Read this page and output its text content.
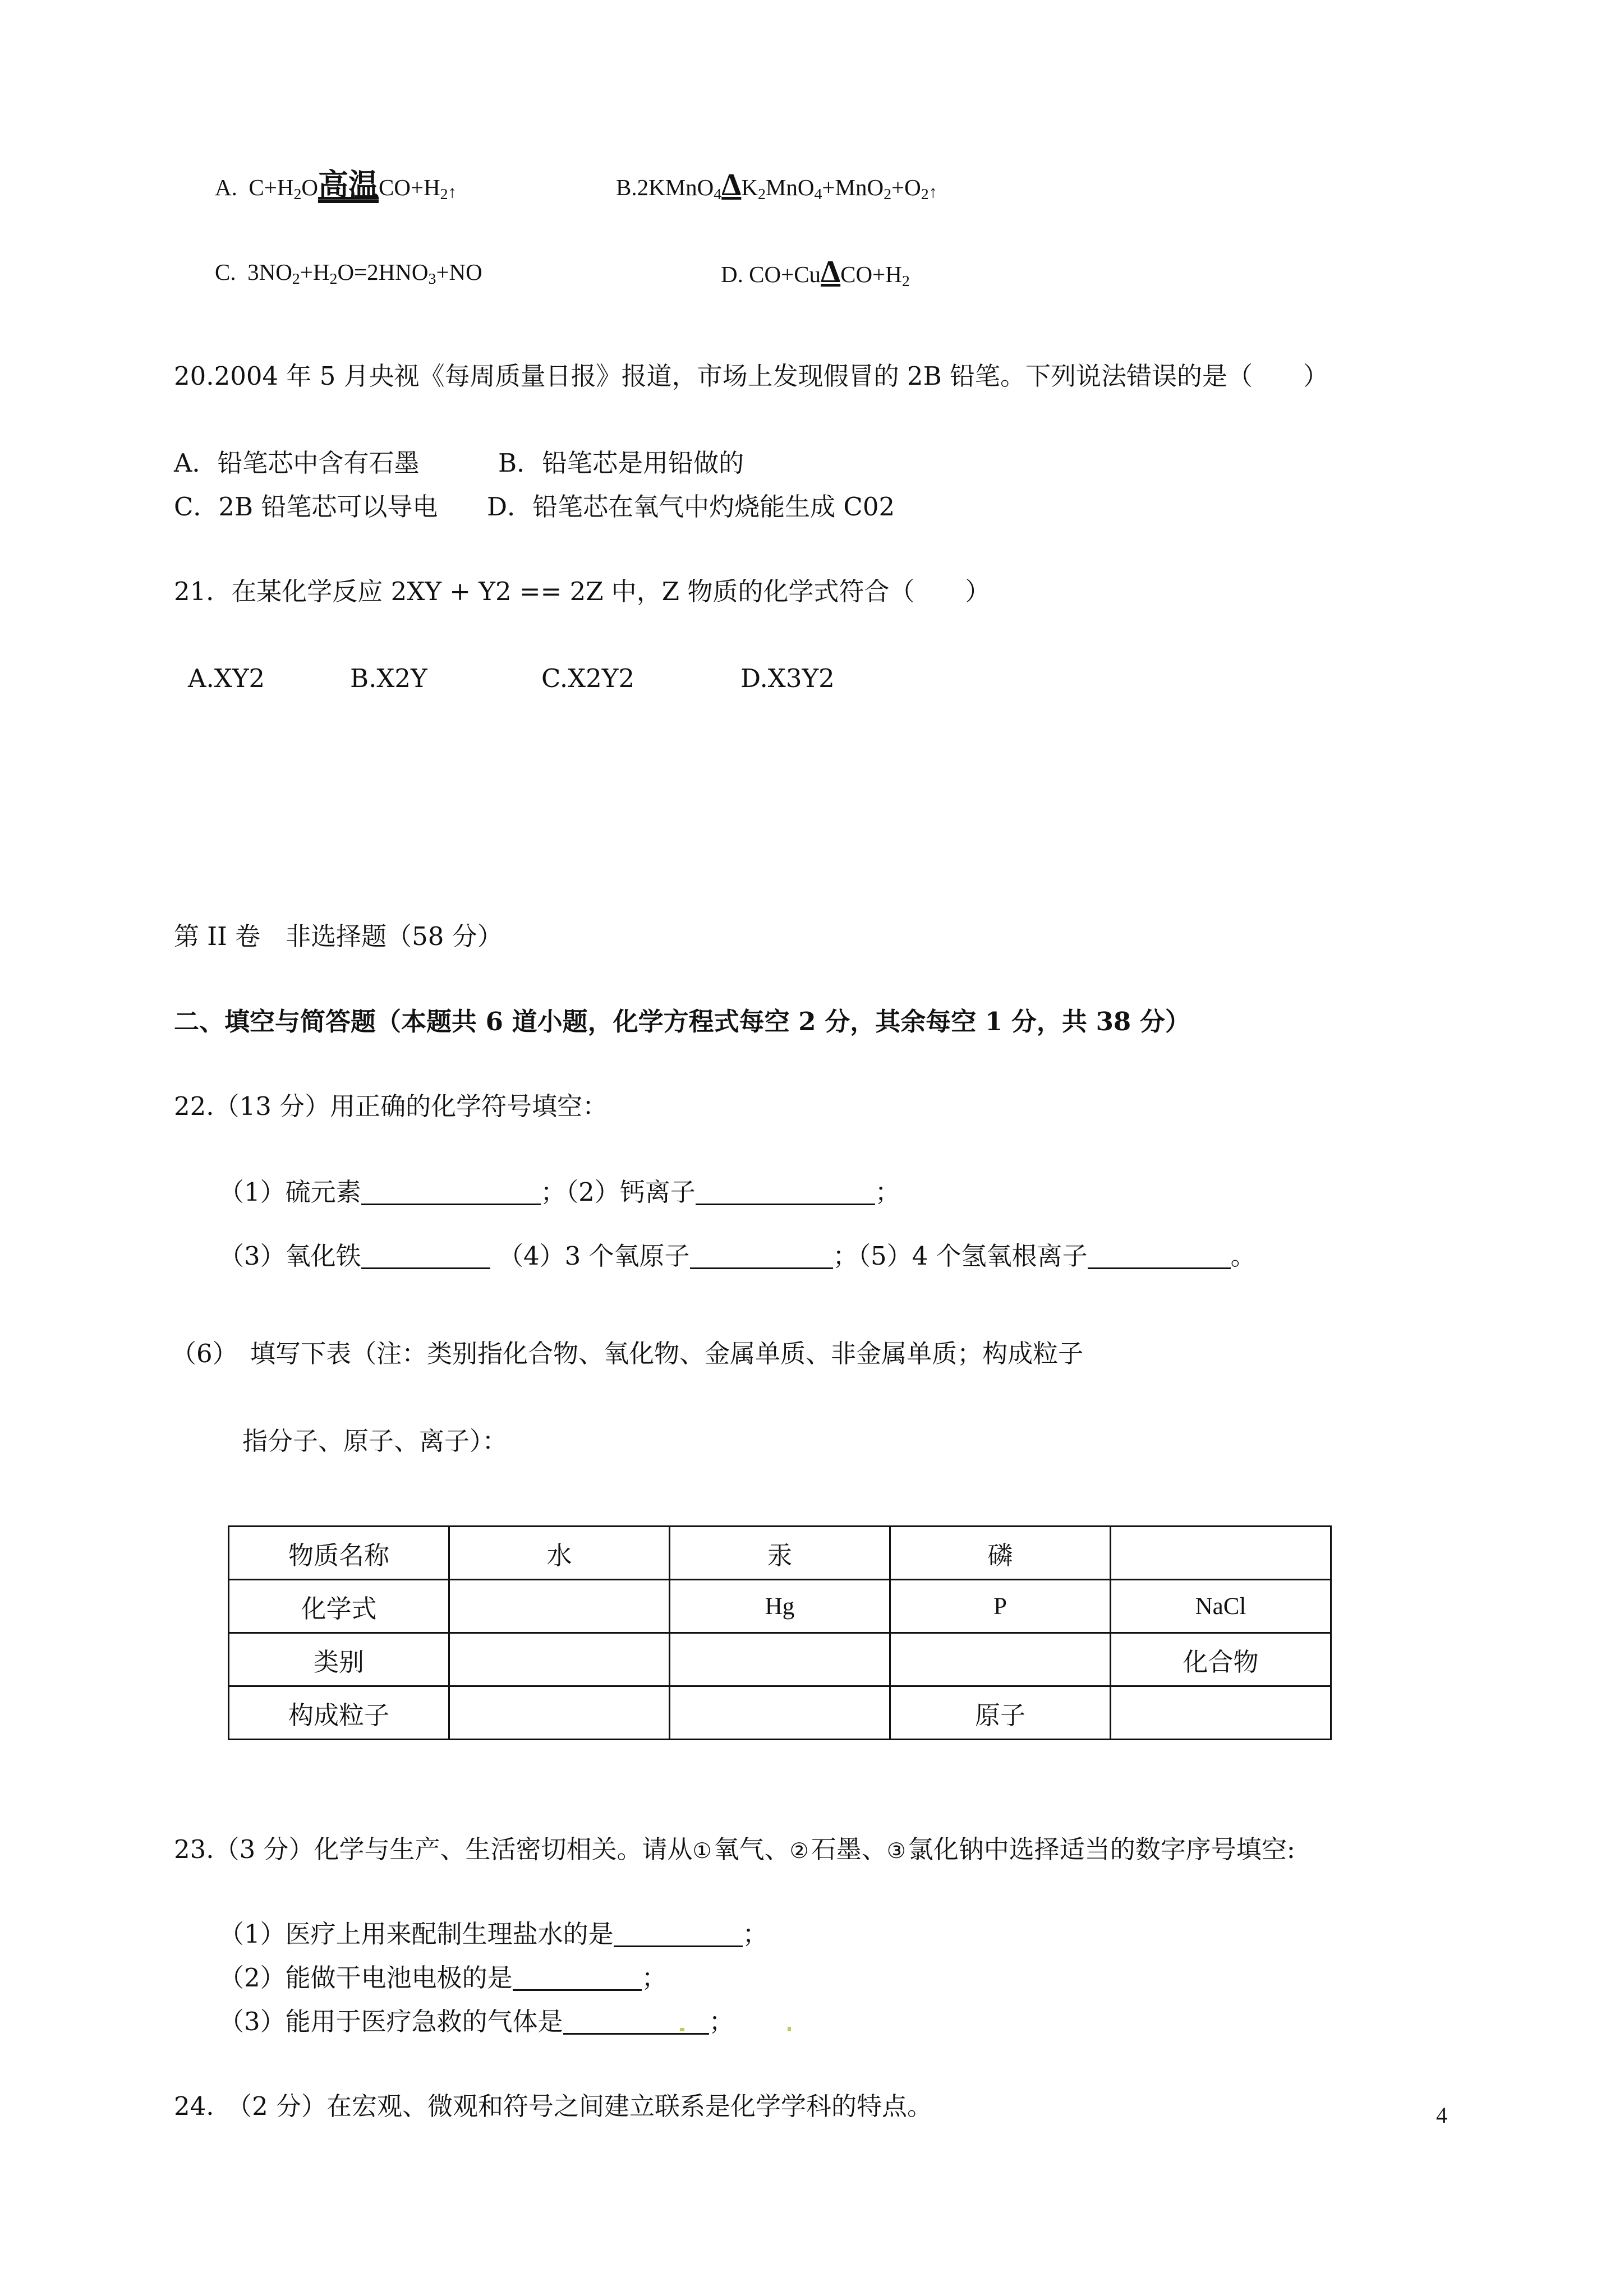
A. $C+H_2O$高温$CO+H_2↑$	$B.2KMnO_4\Delta K_2MnO_4+MnO_2+O_2↑$
C. $3NO_2+H_2O=2HNO_3+NO$	D. $CO+Cu\Delta CO+H_2$
20.2004 年 5 月央视《每周质量日报》报道，市场上发现假冒的 2B 铅笔。下列说法错误的是（　　）
A．铅笔芯中含有石墨	B．铅笔芯是用铅做的
C．2B 铅笔芯可以导电 D．铅笔芯在氧气中灼烧能生成 C02
21．在某化学反应 2XY + Y2 == 2Z 中，Z 物质的化学式符合（　　）
A.XY2	B.X2Y	C.X2Y2	D.X3Y2
第 II 卷　非选择题（58 分）
二、填空与简答题（本题共 6 道小题，化学方程式每空 2 分，其余每空 1 分，共 38 分）
22.（13 分）用正确的化学符号填空：
（1）硫元素	；（2）钙离子	；
（3）氧化铁	（4）3 个氧原子	；（5）4 个氢氧根离子	。
（6）　填写下表（注：类别指化合物、氧化物、金属单质、非金属单质；构成粒子
指分子、原子、离子）：
物质名称	水	汞	磷	
化学式		Hg	P	NaCl
类别				化合物
构成粒子			原子	
23.（3 分）化学与生产、生活密切相关。请从①氧气、②石墨、③氯化钠中选择适当的数字序号填空:
（1）医疗上用来配制生理盐水的是	；
（2）能做干电池电极的是	；
（3）能用于医疗急救的气体是	；
24.　（2 分）在宏观、微观和符号之间建立联系是化学学科的特点。	4
